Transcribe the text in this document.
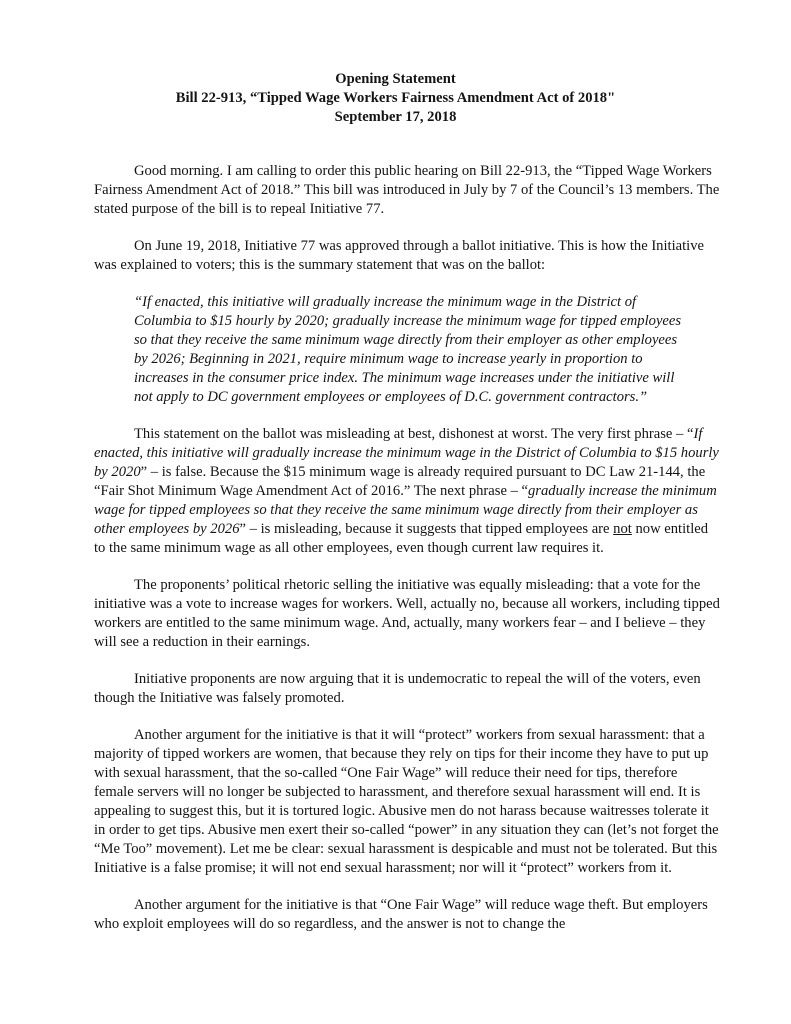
Opening Statement
Bill 22-913, “Tipped Wage Workers Fairness Amendment Act of 2018"
September 17, 2018

Good morning. I am calling to order this public hearing on Bill 22-913, the “Tipped Wage Workers Fairness Amendment Act of 2018.” This bill was introduced in July by 7 of the Council’s 13 members. The stated purpose of the bill is to repeal Initiative 77.

On June 19, 2018, Initiative 77 was approved through a ballot initiative. This is how the Initiative was explained to voters; this is the summary statement that was on the ballot:

“If enacted, this initiative will gradually increase the minimum wage in the District of Columbia to $15 hourly by 2020; gradually increase the minimum wage for tipped employees so that they receive the same minimum wage directly from their employer as other employees by 2026; Beginning in 2021, require minimum wage to increase yearly in proportion to increases in the consumer price index. The minimum wage increases under the initiative will not apply to DC government employees or employees of D.C. government contractors.”

This statement on the ballot was misleading at best, dishonest at worst. The very first phrase – “If enacted, this initiative will gradually increase the minimum wage in the District of Columbia to $15 hourly by 2020” – is false. Because the $15 minimum wage is already required pursuant to DC Law 21-144, the “Fair Shot Minimum Wage Amendment Act of 2016.” The next phrase – “gradually increase the minimum wage for tipped employees so that they receive the same minimum wage directly from their employer as other employees by 2026” – is misleading, because it suggests that tipped employees are not now entitled to the same minimum wage as all other employees, even though current law requires it.

The proponents’ political rhetoric selling the initiative was equally misleading: that a vote for the initiative was a vote to increase wages for workers. Well, actually no, because all workers, including tipped workers are entitled to the same minimum wage. And, actually, many workers fear – and I believe – they will see a reduction in their earnings.

Initiative proponents are now arguing that it is undemocratic to repeal the will of the voters, even though the Initiative was falsely promoted.

Another argument for the initiative is that it will “protect” workers from sexual harassment: that a majority of tipped workers are women, that because they rely on tips for their income they have to put up with sexual harassment, that the so-called “One Fair Wage” will reduce their need for tips, therefore female servers will no longer be subjected to harassment, and therefore sexual harassment will end. It is appealing to suggest this, but it is tortured logic. Abusive men do not harass because waitresses tolerate it in order to get tips. Abusive men exert their so-called “power” in any situation they can (let’s not forget the “Me Too” movement). Let me be clear: sexual harassment is despicable and must not be tolerated. But this Initiative is a false promise; it will not end sexual harassment; nor will it “protect” workers from it.

Another argument for the initiative is that “One Fair Wage” will reduce wage theft. But employers who exploit employees will do so regardless, and the answer is not to change the
